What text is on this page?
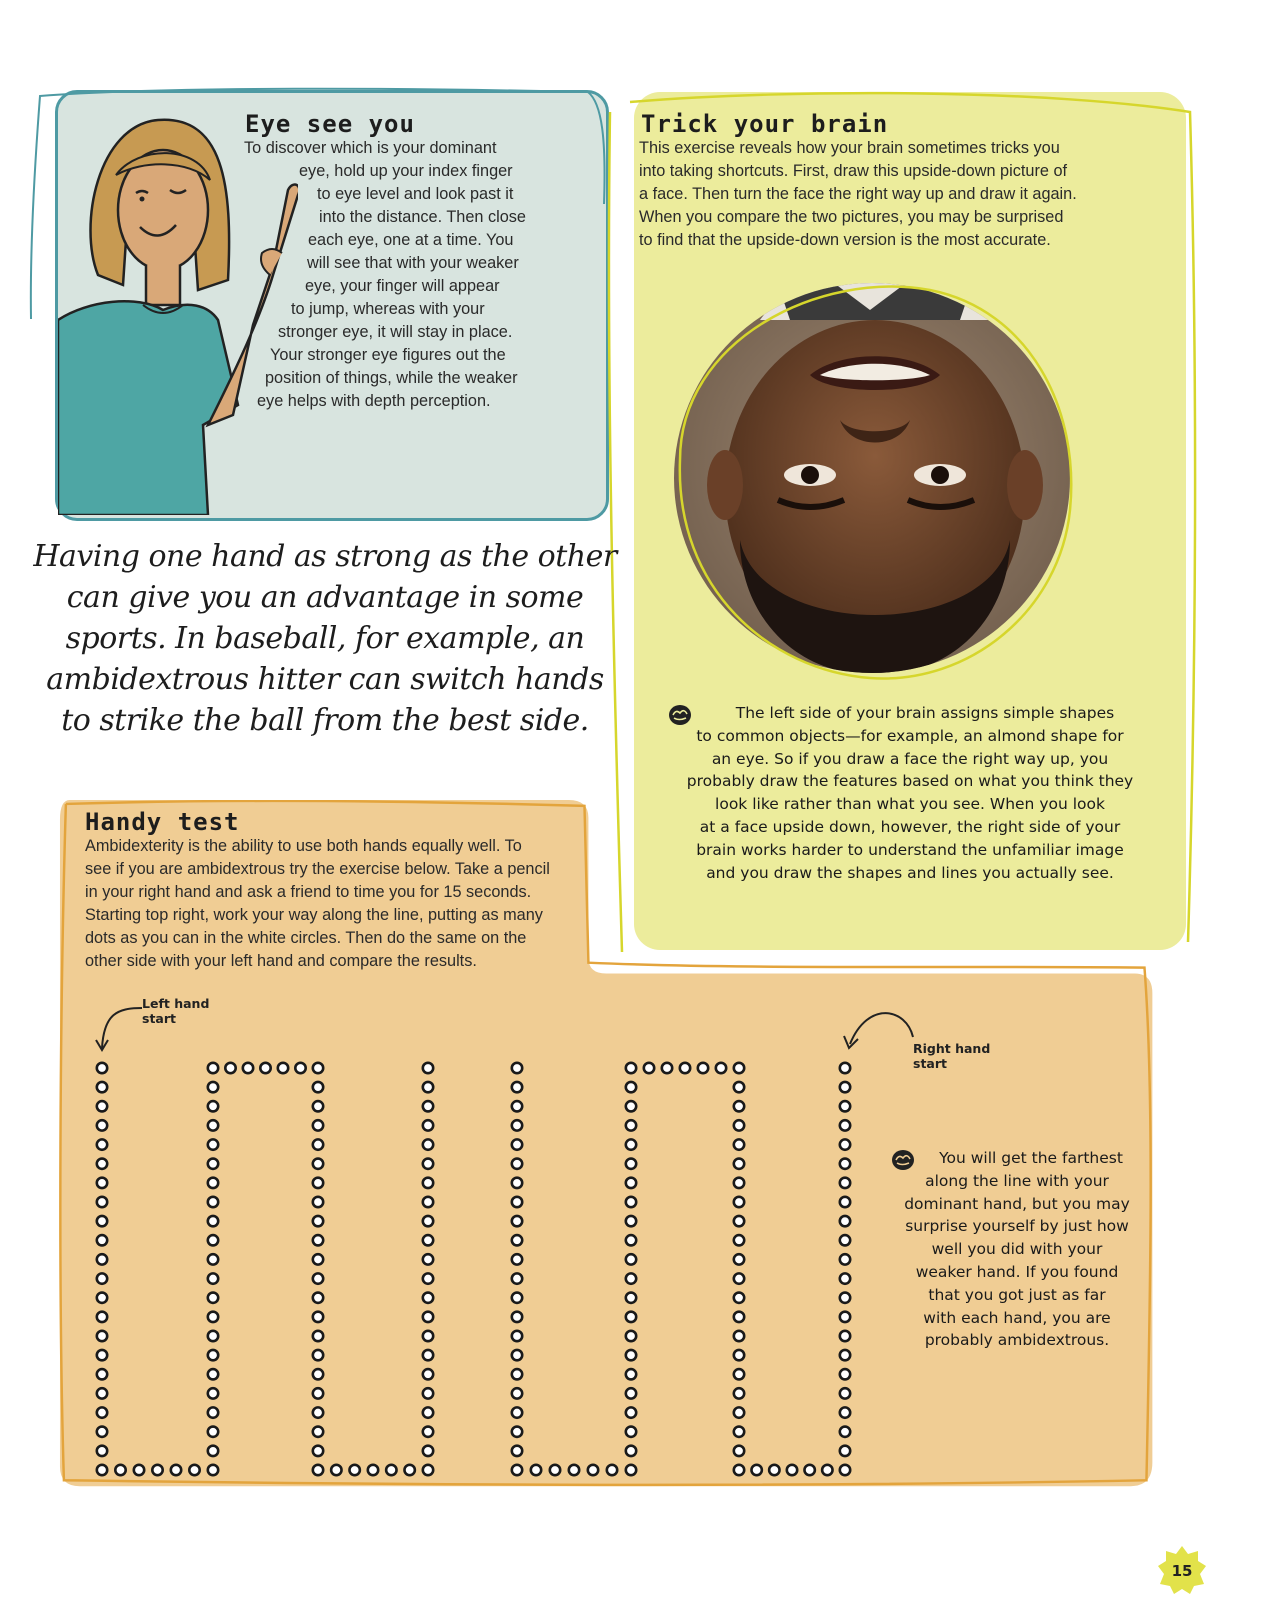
Eye see you
To discover which is your dominant
eye, hold up your index finger
to eye level and look past it
into the distance. Then close
each eye, one at a time. You
will see that with your weaker
eye, your finger will appear
to jump, whereas with your
stronger eye, it will stay in place.
Your stronger eye figures out the
position of things, while the weaker
eye helps with depth perception.
Trick your brain
This exercise reveals how your brain sometimes tricks you
into taking shortcuts. First, draw this upside-down picture of
a face. Then turn the face the right way up and draw it again.
When you compare the two pictures, you may be surprised
to find that the upside-down version is the most accurate.
The left side of your brain assigns simple shapes
to common objects—for example, an almond shape for
an eye. So if you draw a face the right way up, you
probably draw the features based on what you think they
look like rather than what you see. When you look
at a face upside down, however, the right side of your
brain works harder to understand the unfamiliar image
and you draw the shapes and lines you actually see.
Having one hand as strong as the other
can give you an advantage in some
sports. In baseball, for example, an
ambidextrous hitter can switch hands
to strike the ball from the best side.
Handy test
Ambidexterity is the ability to use both hands equally well. To
see if you are ambidextrous try the exercise below. Take a pencil
in your right hand and ask a friend to time you for 15 seconds.
Starting top right, work your way along the line, putting as many
dots as you can in the white circles. Then do the same on the
other side with your left hand and compare the results.
Left hand
start
Right hand
start
You will get the farthest
along the line with your
dominant hand, but you may
surprise yourself by just how
well you did with your
weaker hand. If you found
that you got just as far
with each hand, you are
probably ambidextrous.
15
